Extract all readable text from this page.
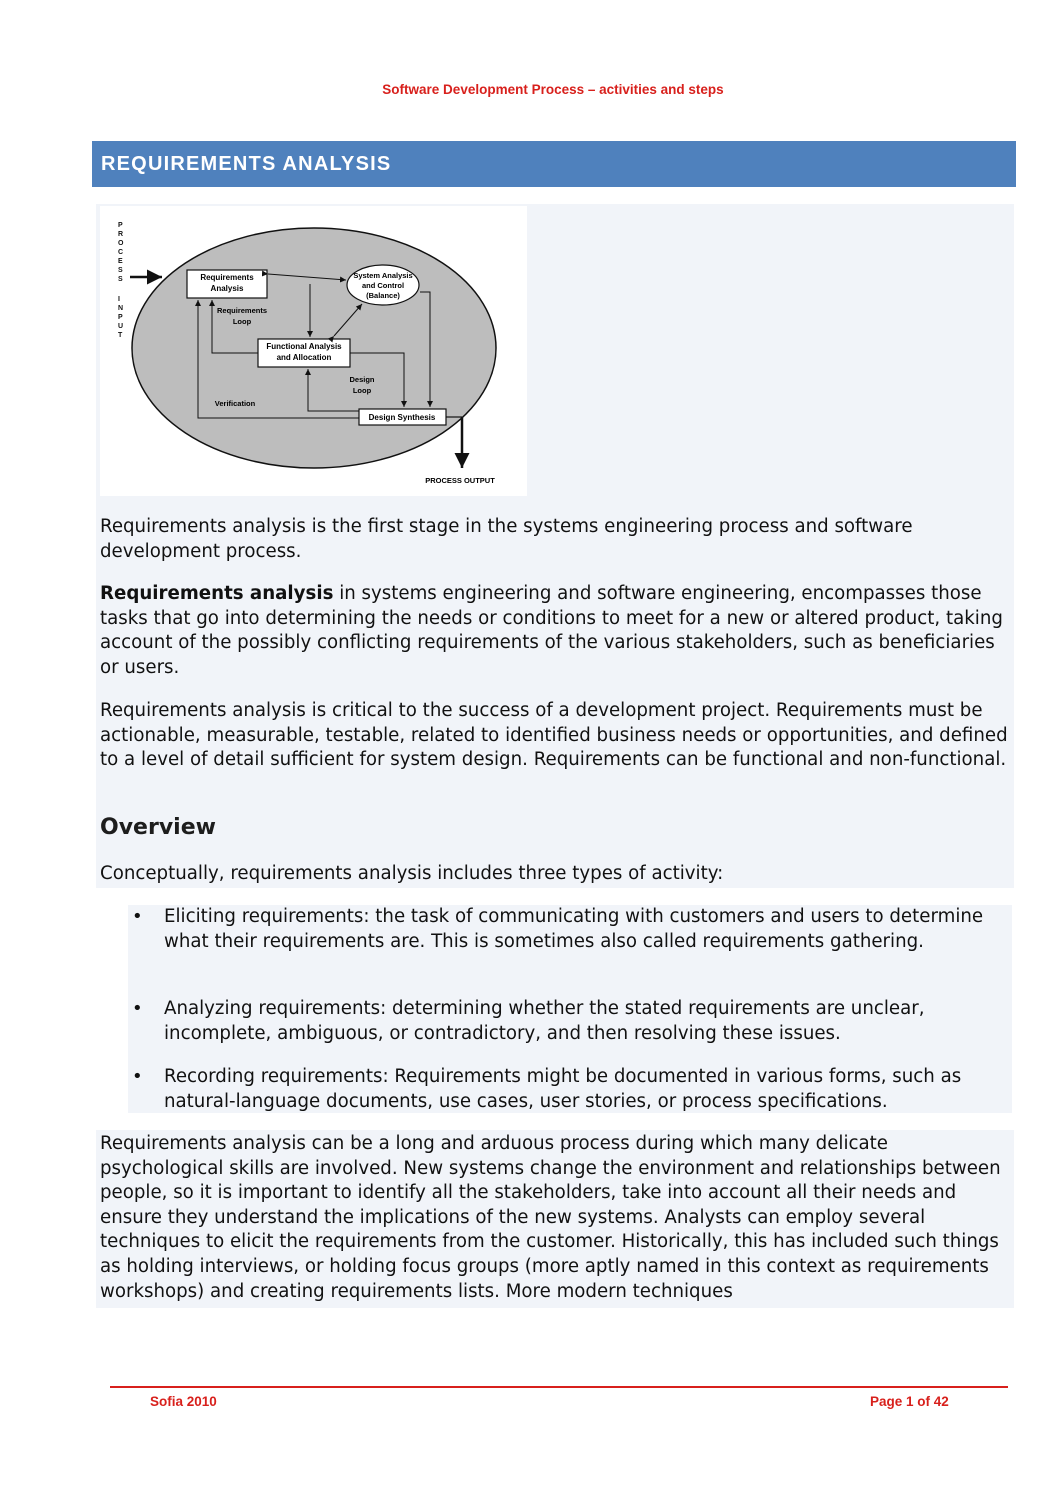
Software Development Process – activities and steps
REQUIREMENTS ANALYSIS
P
R
O
C
E
S
S
I
N
P
U
T
Requirements
Analysis
System Analysis
and Control
(Balance)
Functional Analysis
and Allocation
Design Synthesis
Requirements
Loop
Design
Loop
Verification
PROCESS OUTPUT
Requirements analysis is the first stage in the systems engineering process and software development process.
Requirements analysis in systems engineering and software engineering, encompasses those tasks that go into determining the needs or conditions to meet for a new or altered product, taking account of the possibly conflicting requirements of the various stakeholders, such as beneficiaries or users.
Requirements analysis is critical to the success of a development project. Requirements must be actionable, measurable, testable, related to identified business needs or opportunities, and defined to a level of detail sufficient for system design. Requirements can be functional and non-functional.
Overview
Conceptually, requirements analysis includes three types of activity:
• Eliciting requirements: the task of communicating with customers and users to determine what their requirements are. This is sometimes also called requirements gathering.
• Analyzing requirements: determining whether the stated requirements are unclear, incomplete, ambiguous, or contradictory, and then resolving these issues.
• Recording requirements: Requirements might be documented in various forms, such as natural-language documents, use cases, user stories, or process specifications.
Requirements analysis can be a long and arduous process during which many delicate psychological skills are involved. New systems change the environment and relationships between people, so it is important to identify all the stakeholders, take into account all their needs and ensure they understand the implications of the new systems. Analysts can employ several techniques to elicit the requirements from the customer. Historically, this has included such things as holding interviews, or holding focus groups (more aptly named in this context as requirements workshops) and creating requirements lists. More modern techniques
Sofia 2010	Page 1 of 42
